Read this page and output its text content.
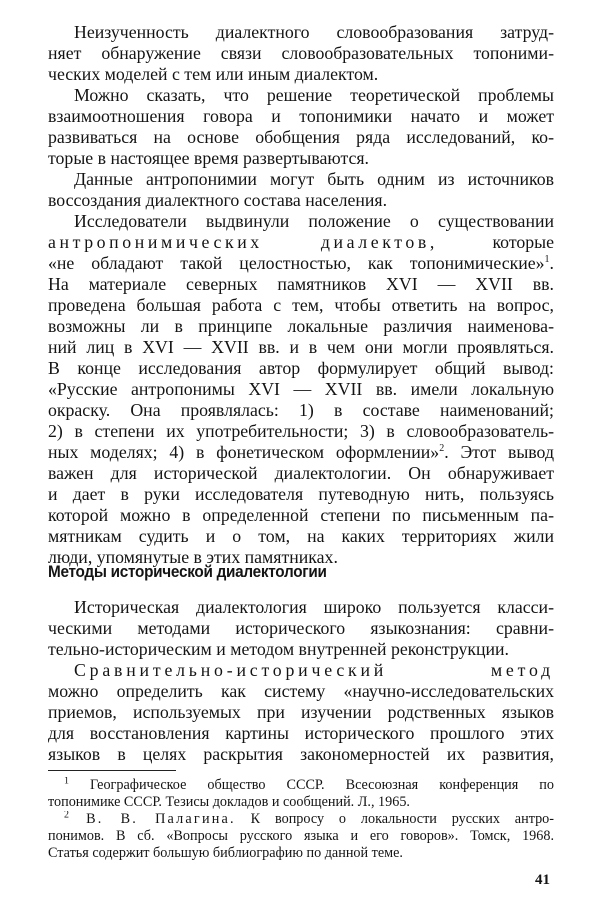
Неизученность диалектного словообразования затруд-
няет обнаружение связи словообразовательных топоними-
ческих моделей с тем или иным диалектом.
Можно сказать, что решение теоретической проблемы
взаимоотношения говора и топонимики начато и может
развиваться на основе обобщения ряда исследований, ко-
торые в настоящее время развертываются.
Данные антропонимии могут быть одним из источников
воссоздания диалектного состава населения.
Исследователи выдвинули положение о существовании
антропонимических диалектов, которые
«не обладают такой целостностью, как топонимические»$^1$.
На материале северных памятников XVI — XVII вв.
проведена большая работа с тем, чтобы ответить на вопрос,
возможны ли в принципе локальные различия наименова-
ний лиц в XVI — XVII вв. и в чем они могли проявляться.
В конце исследования автор формулирует общий вывод:
«Русские антропонимы XVI — XVII вв. имели локальную
окраску. Она проявлялась: 1) в составе наименований;
2) в степени их употребительности; 3) в словообразователь-
ных моделях; 4) в фонетическом оформлении»$^2$. Этот вывод
важен для исторической диалектологии. Он обнаруживает
и дает в руки исследователя путеводную нить, пользуясь
которой можно в определенной степени по письменным па-
мятникам судить и о том, на каких территориях жили
Методы исторической диалектологии
Историческая диалектология широко пользуется класси-
ческими методами исторического языкознания: сравни-
тельно-историческим и методом внутренней реконструкции.
Сравнительно-исторический метод
можно определить как систему «научно-исследовательских
приемов, используемых при изучении родственных языков
для восстановления картины исторического прошлого этих
языков в целях раскрытия закономерностей их развития,
$^1$ Географическое общество СССР. Всесоюзная конференция по
топонимике СССР. Тезисы докладов и сообщений. Л., 1965.
$^2$ В. В. Палагина. К вопросу о локальности русских антро-
понимов. В сб. «Вопросы русского языка и его говоров». Томск, 1968.
Статья содержит большую библиографию по данной теме.
41
люди, упомянутые в этих памятниках.
